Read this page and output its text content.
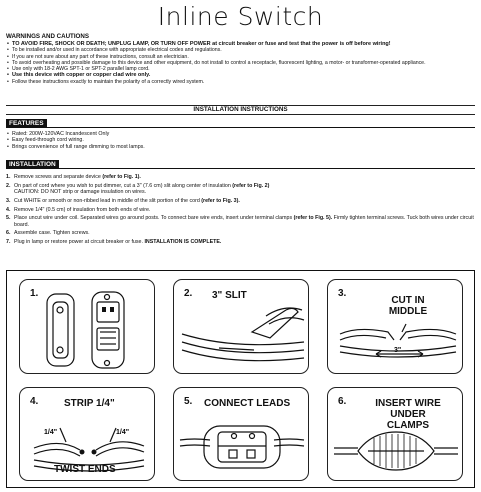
Inline Switch
WARNINGS AND CAUTIONS
• TO AVOID FIRE, SHOCK OR DEATH; UNPLUG LAMP, OR TURN OFF POWER at circuit breaker or fuse and test that the power is off before wiring!
• To be installed and/or used in accordance with appropriate electrical codes and regulations.
• If you are not sure about any part of these instructions, consult an electrician.
• To avoid overheating and possible damage to this device and other equipment, do not install to control a receptacle, fluorescent lighting, a motor- or transformer-operated appliance.
• Use only with 18-2 AWG SPT-1 or SPT-2 parallel lamp cord.
• Use this device with copper or copper clad wire only.
• Follow these instructions exactly to maintain the polarity of a correctly wired system.
INSTALLATION INSTRUCTIONS
FEATURES
• Rated: 200W-120VAC Incandescent Only
• Easy feed-through cord wiring.
• Brings convenience of full range dimming to most lamps.
INSTALLATION
1. Remove screws and separate device (refer to Fig. 1).
2. On part of cord where you wish to put dimmer, cut a 3" (7.6 cm) slit along center of insulation (refer to Fig. 2)
CAUTION: DO NOT strip or damage insulation on wires.
3. Cut WHITE or smooth or non-ribbed lead in middle of the slit portion of the cord (refer to Fig. 3).
4. Remove 1/4" (0.5 cm) of insulation from both ends of wire.
5. Place uncut wire under coil. Separated wires go around posts. To connect bare wire ends, insert under terminal clamps (refer to Fig. 5). Firmly tighten terminal screws. Tuck both wires under circuit board.
6. Assemble case. Tighten screws.
7. Plug in lamp or restore power at circuit breaker or fuse. INSTALLATION IS COMPLETE.
1.	2. 3" SLIT	3.
CUT IN MIDDLE
3"
4.	STRIP 1/4"
TWIST ENDS
1/4"	1/4"
5. CONNECT LEADS	6.	INSERT WIRE UNDER CLAMPS
